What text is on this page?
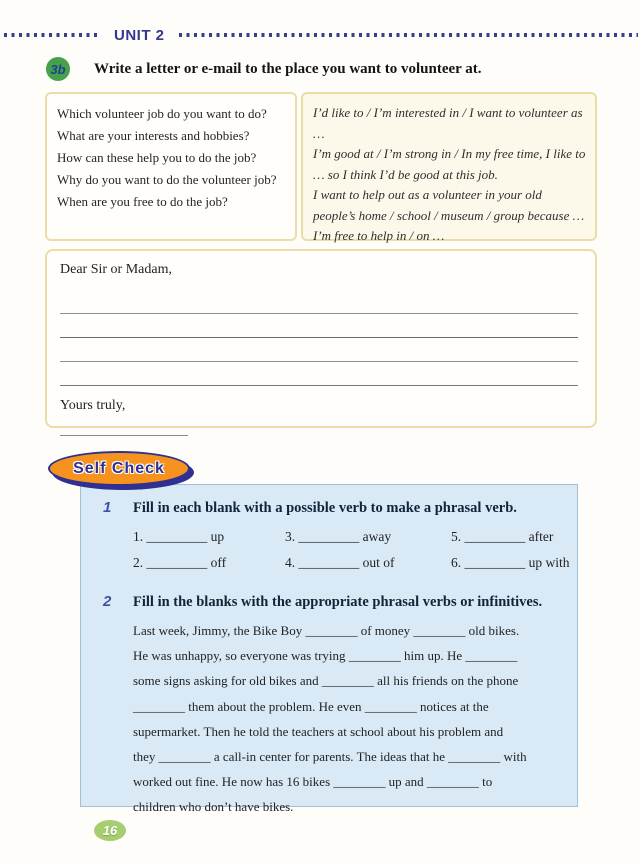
UNIT 2
3b Write a letter or e-mail to the place you want to volunteer at.
Which volunteer job do you want to do?
What are your interests and hobbies?
How can these help you to do the job?
Why do you want to do the volunteer job?
When are you free to do the job?
I’d like to / I’m interested in / I want to volunteer as
…
I’m good at / I’m strong in / In my free time, I like to … so I think I’d be good at this job.
I want to help out as a volunteer in your old people’s home / school / museum / group because …
I’m free to help in / on …
Dear Sir or Madam,
Yours truly,
Self Check
1	Fill in each blank with a possible verb to make a phrasal verb.
1. _________ up	3. _________ away	5. _________ after
2. _________ off	4. _________ out of	6. _________ up with
2	Fill in the blanks with the appropriate phrasal verbs or infinitives.
Last week, Jimmy, the Bike Boy ________ of money ________ old bikes.
He was unhappy, so everyone was trying ________ him up. He ________
some signs asking for old bikes and ________ all his friends on the phone
________ them about the problem. He even ________ notices at the
supermarket. Then he told the teachers at school about his problem and
they ________ a call-in center for parents. The ideas that he ________ with
worked out fine. He now has 16 bikes ________ up and ________ to
children who don’t have bikes.
16
